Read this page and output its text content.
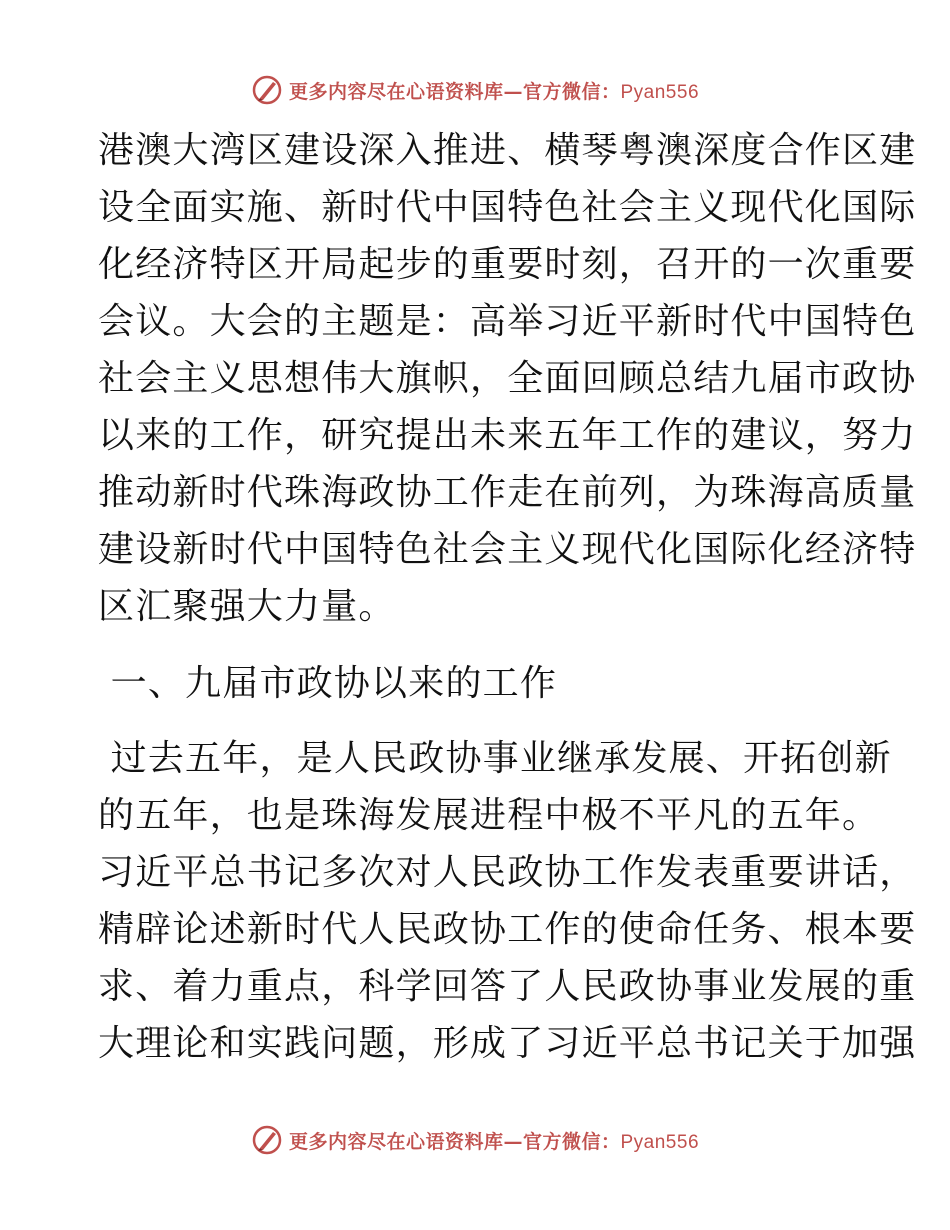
更多内容尽在心语资料库—官方微信：Pyan556

港澳大湾区建设深入推进、横琴粤澳深度合作区建
设全面实施、新时代中国特色社会主义现代化国际
化经济特区开局起步的重要时刻，召开的一次重要
会议。大会的主题是：高举习近平新时代中国特色
社会主义思想伟大旗帜，全面回顾总结九届市政协
以来的工作，研究提出未来五年工作的建议，努力
推动新时代珠海政协工作走在前列，为珠海高质量
建设新时代中国特色社会主义现代化国际化经济特
区汇聚强大力量。

一、九届市政协以来的工作

过去五年，是人民政协事业继承发展、开拓创新
的五年，也是珠海发展进程中极不平凡的五年。
习近平总书记多次对人民政协工作发表重要讲话，
精辟论述新时代人民政协工作的使命任务、根本要
求、着力重点，科学回答了人民政协事业发展的重
大理论和实践问题，形成了习近平总书记关于加强

更多内容尽在心语资料库—官方微信：Pyan556
